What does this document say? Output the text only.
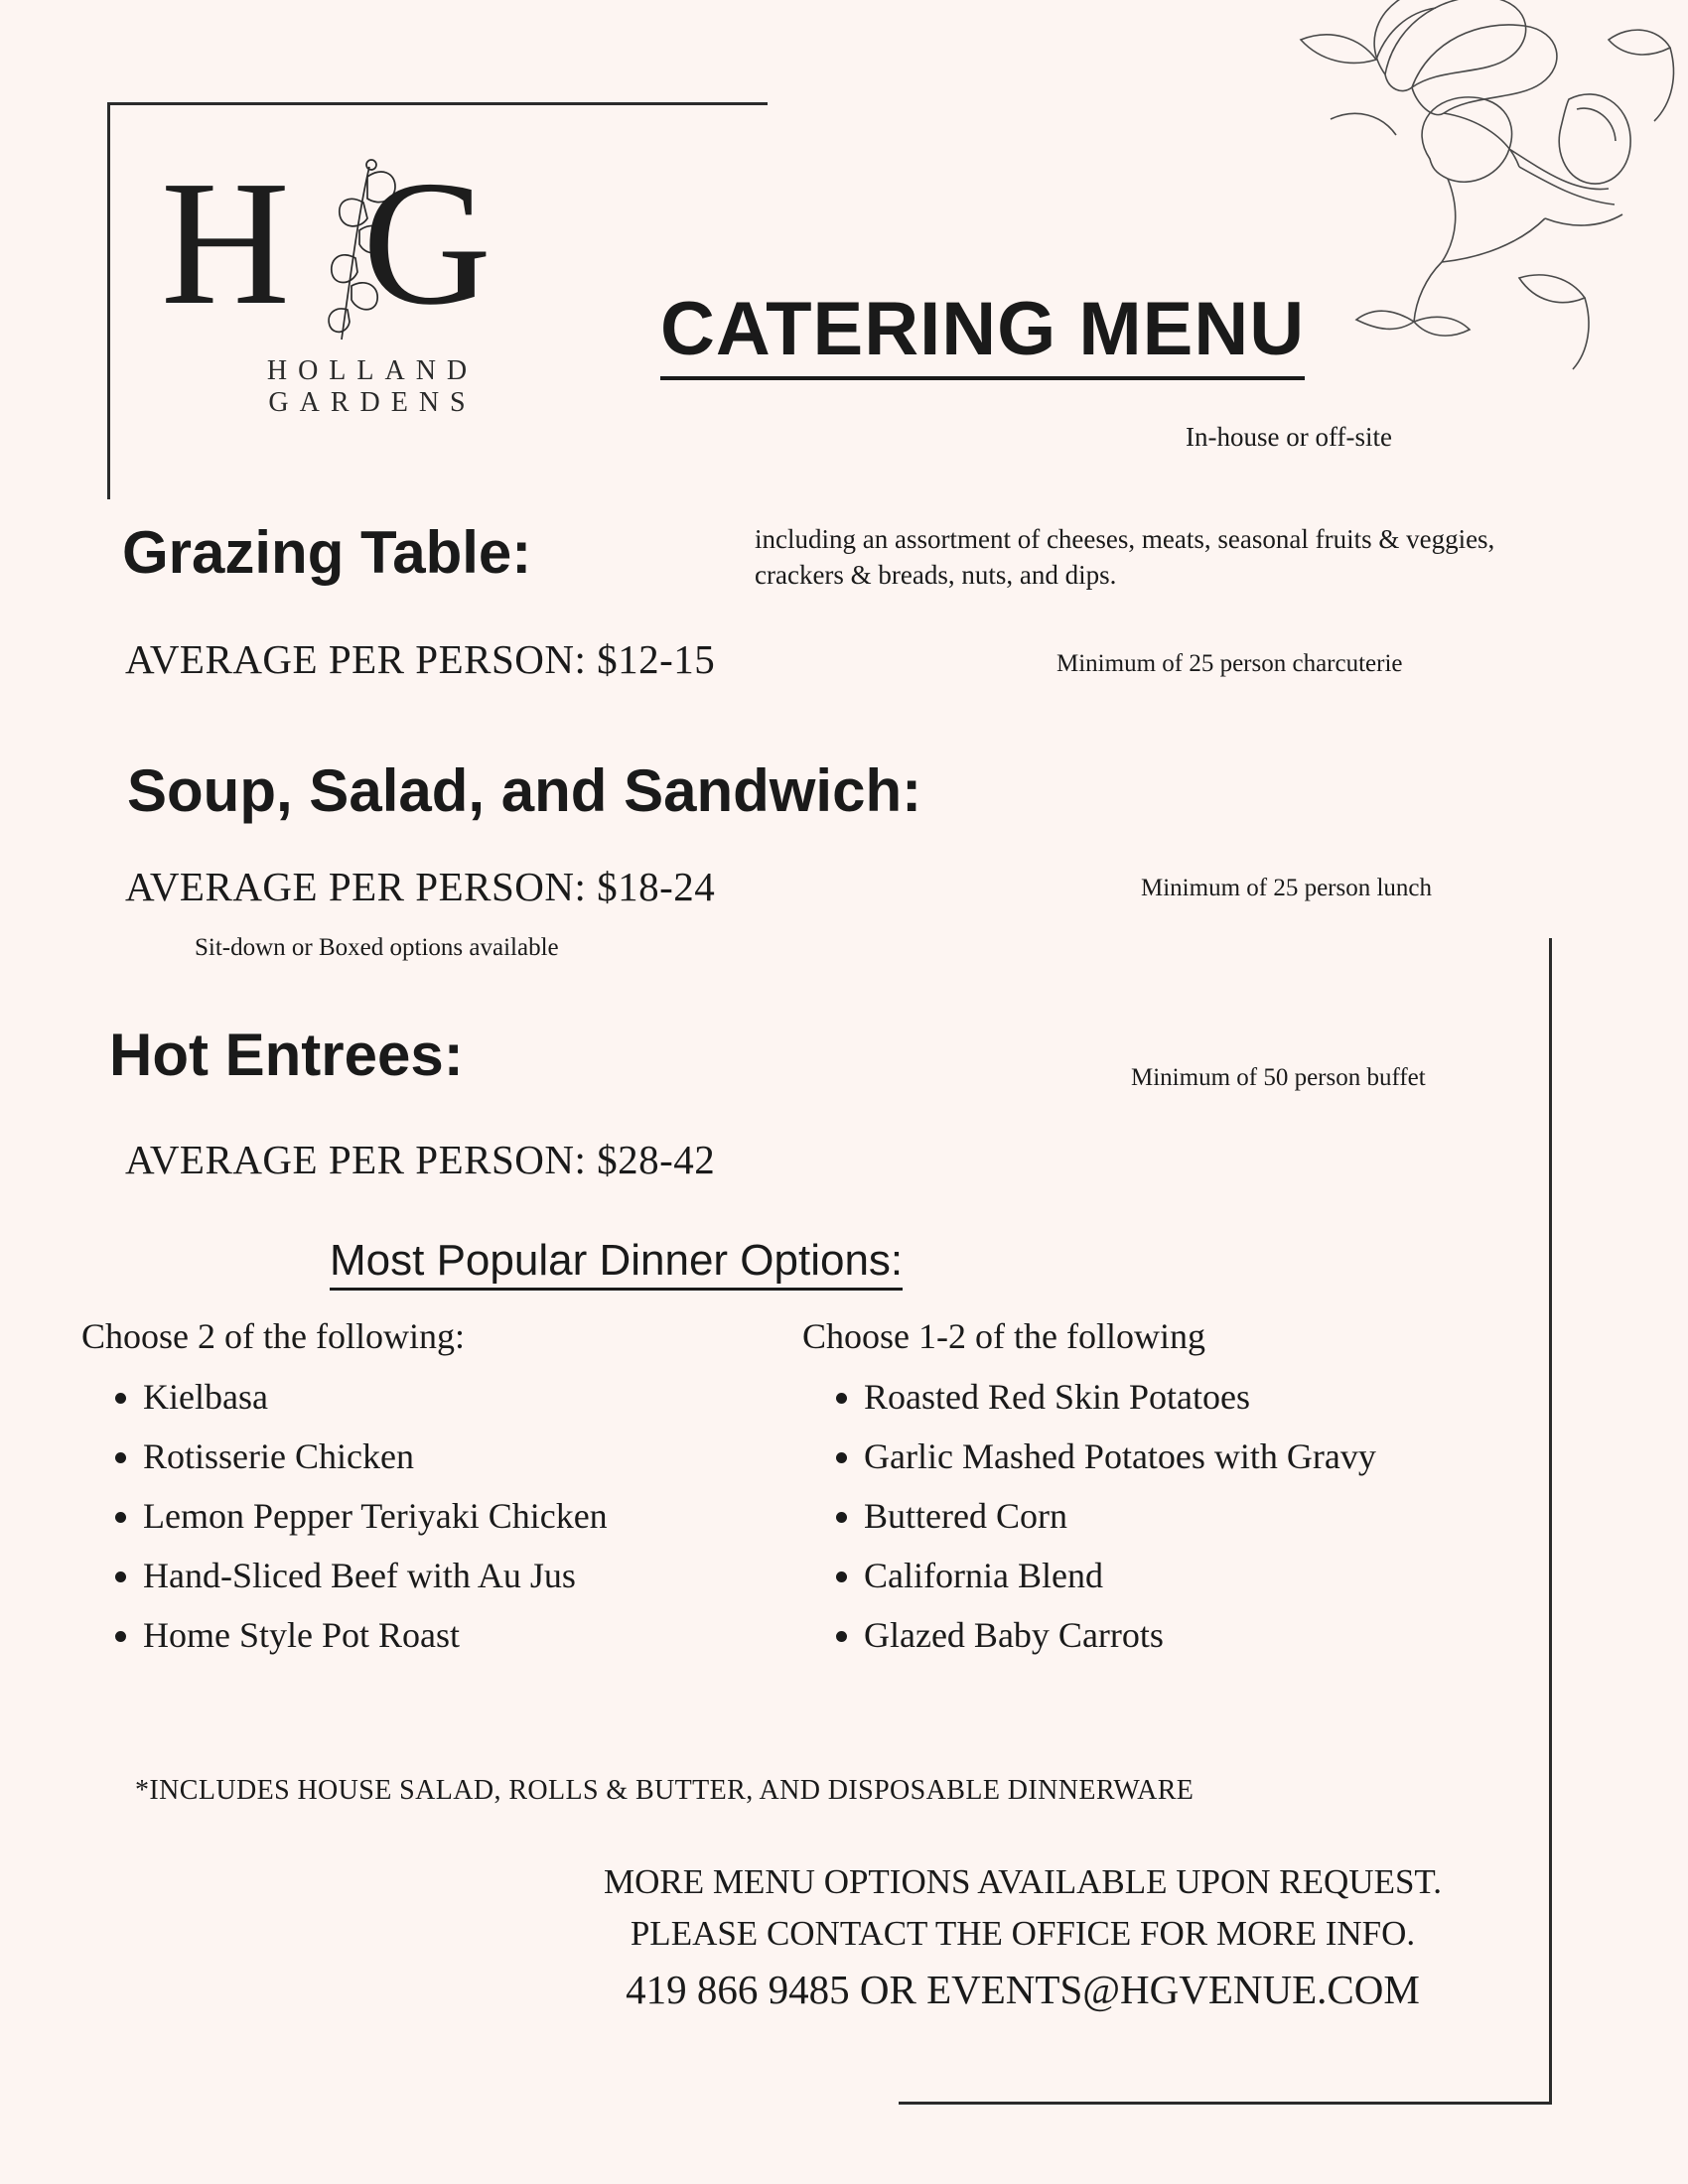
H G
HOLLAND GARDENS
CATERING MENU
In-house or off-site
Grazing Table:	including an assortment of cheeses, meats, seasonal fruits & veggies, crackers & breads, nuts, and dips.
AVERAGE PER PERSON: $12-15	Minimum of 25 person charcuterie
Soup, Salad, and Sandwich:
AVERAGE PER PERSON: $18-24	Minimum of 25 person lunch
Sit-down or Boxed options available
Hot Entrees:	Minimum of 50 person buffet
AVERAGE PER PERSON: $28-42
Most Popular Dinner Options:
Choose 2 of the following:
• Kielbasa
• Rotisserie Chicken
• Lemon Pepper Teriyaki Chicken
• Hand-Sliced Beef with Au Jus
• Home Style Pot Roast
Choose 1-2 of the following
• Roasted Red Skin Potatoes
• Garlic Mashed Potatoes with Gravy
• Buttered Corn
• California Blend
• Glazed Baby Carrots
*INCLUDES HOUSE SALAD, ROLLS & BUTTER, AND DISPOSABLE DINNERWARE
MORE MENU OPTIONS AVAILABLE UPON REQUEST.
PLEASE CONTACT THE OFFICE FOR MORE INFO.
419 866 9485 OR EVENTS@HGVENUE.COM
